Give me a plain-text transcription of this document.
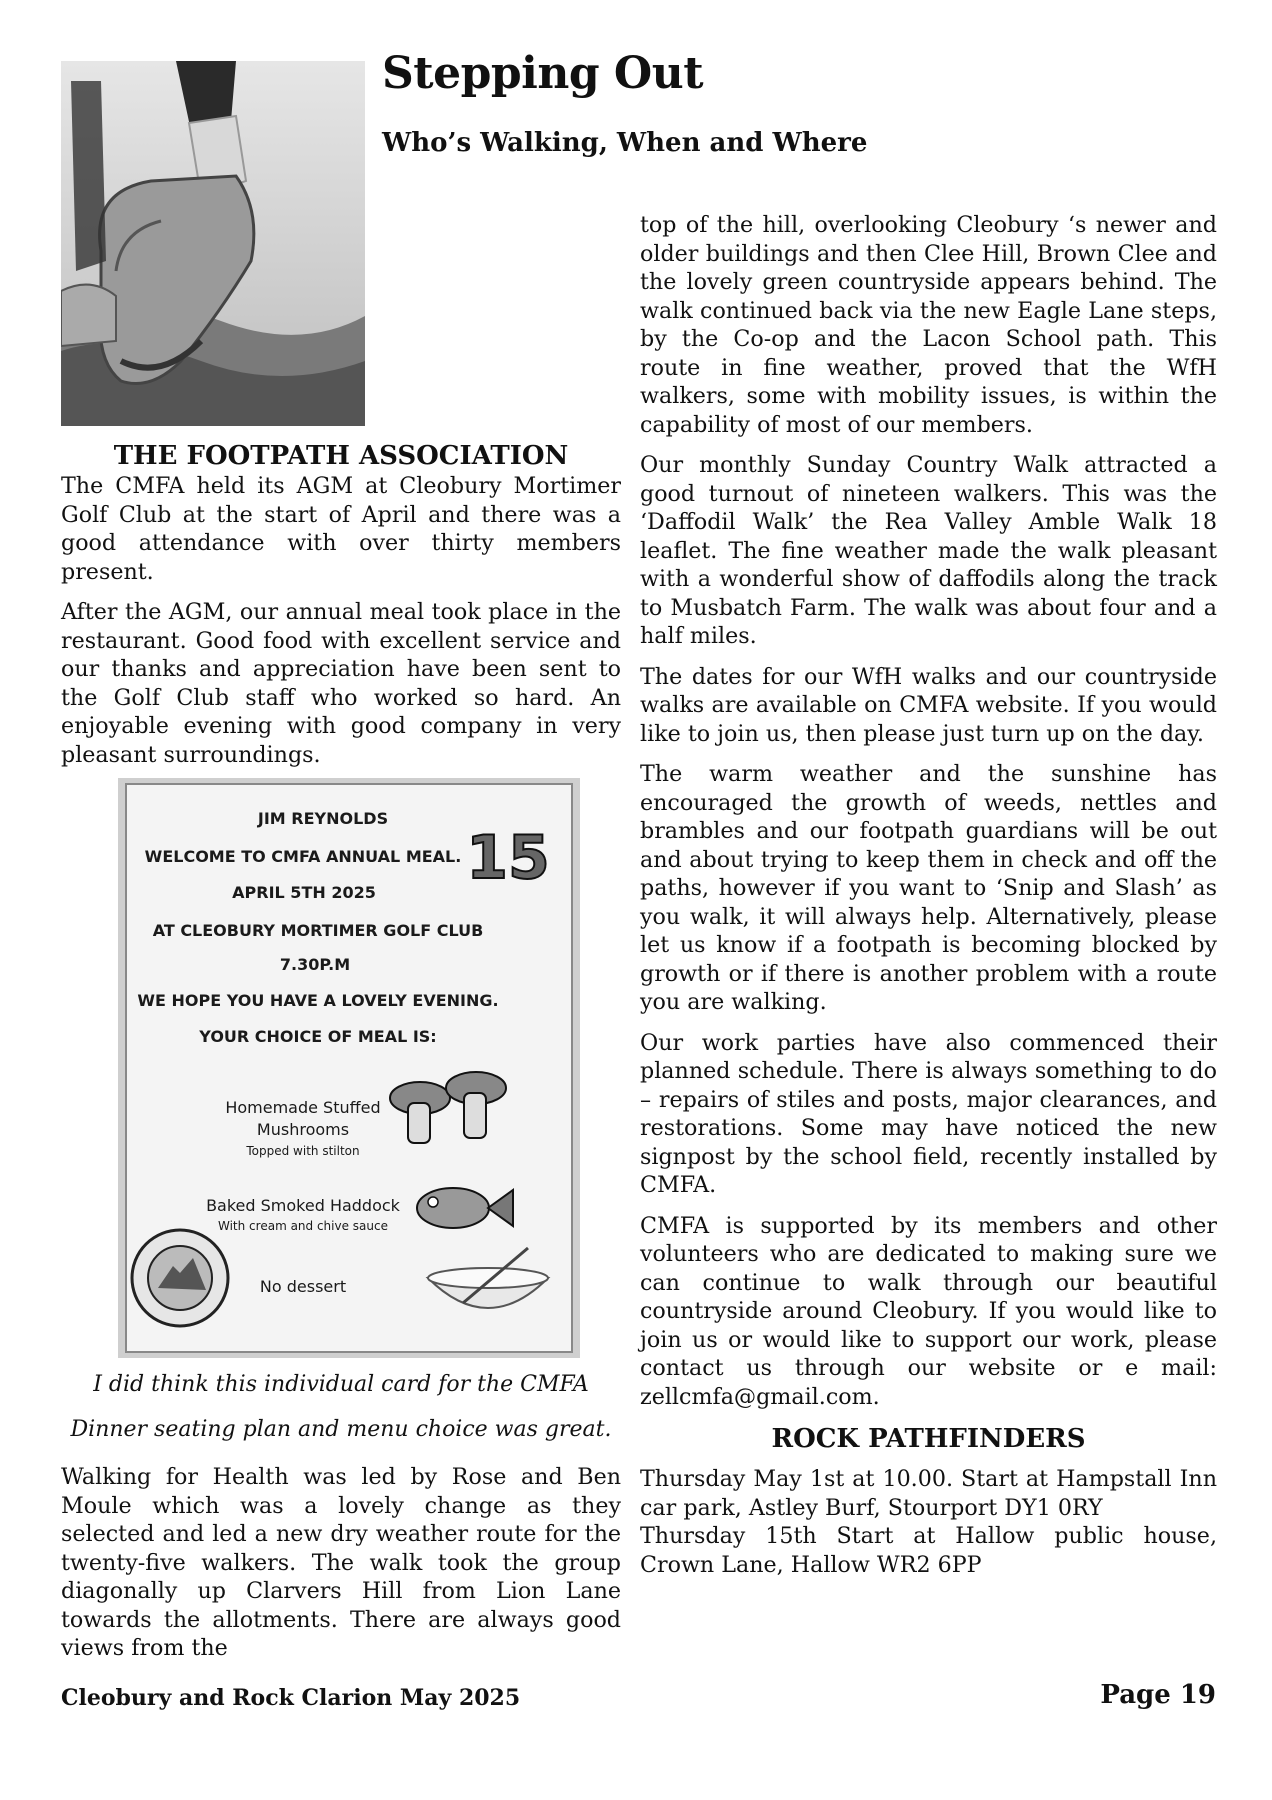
Stepping Out
Who’s Walking, When and Where
THE FOOTPATH ASSOCIATION

The CMFA held its AGM at Cleobury Mortimer Golf Club at the start of April and there was a good attendance with over thirty members present.

After the AGM, our annual meal took place in the restaurant. Good food with excellent service and our thanks and appreciation have been sent to the Golf Club staff who worked so hard. An enjoyable evening with good company in very pleasant surroundings.

JIM REYNOLDS
WELCOME TO CMFA ANNUAL MEAL.
APRIL 5TH 2025
AT CLEOBURY MORTIMER GOLF CLUB
7.30P.M
WE HOPE YOU HAVE A LOVELY EVENING.
YOUR CHOICE OF MEAL IS:
15
Homemade Stuffed
Mushrooms
Topped with stilton
Baked Smoked Haddock
With cream and chive sauce
No dessert
I did think this individual card for the CMFA
Dinner seating plan and menu choice was great.

Walking for Health was led by Rose and Ben Moule which was a lovely change as they selected and led a new dry weather route for the twenty-five walkers. The walk took the group diagonally up Clarvers Hill from Lion Lane towards the allotments. There are always good views from the

top of the hill, overlooking Cleobury ‘s newer and older buildings and then Clee Hill, Brown Clee and the lovely green countryside appears behind. The walk continued back via the new Eagle Lane steps, by the Co-op and the Lacon School path. This route in fine weather, proved that the WfH walkers, some with mobility issues, is within the capability of most of our members.

Our monthly Sunday Country Walk attracted a good turnout of nineteen walkers. This was the ‘Daffodil Walk’ the Rea Valley Amble Walk 18 leaflet. The fine weather made the walk pleasant with a wonderful show of daffodils along the track to Musbatch Farm. The walk was about four and a half miles.

The dates for our WfH walks and our countryside walks are available on CMFA website. If you would like to join us, then please just turn up on the day.

The warm weather and the sunshine has encouraged the growth of weeds, nettles and brambles and our footpath guardians will be out and about trying to keep them in check and off the paths, however if you want to ‘Snip and Slash’ as you walk, it will always help. Alternatively, please let us know if a footpath is becoming blocked by growth or if there is another problem with a route you are walking.

Our work parties have also commenced their planned schedule. There is always something to do – repairs of stiles and posts, major clearances, and restorations. Some may have noticed the new signpost by the school field, recently installed by CMFA.

CMFA is supported by its members and other volunteers who are dedicated to making sure we can continue to walk through our beautiful countryside around Cleobury. If you would like to join us or would like to support our work, please contact us through our website or e mail: zellcmfa@gmail.com.

ROCK PATHFINDERS

Thursday May 1st at 10.00. Start at Hampstall Inn car park, Astley Burf, Stourport DY1 0RY

Thursday 15th Start at Hallow public house, Crown Lane, Hallow WR2 6PP

Cleobury and Rock Clarion May 2025	Page 19
